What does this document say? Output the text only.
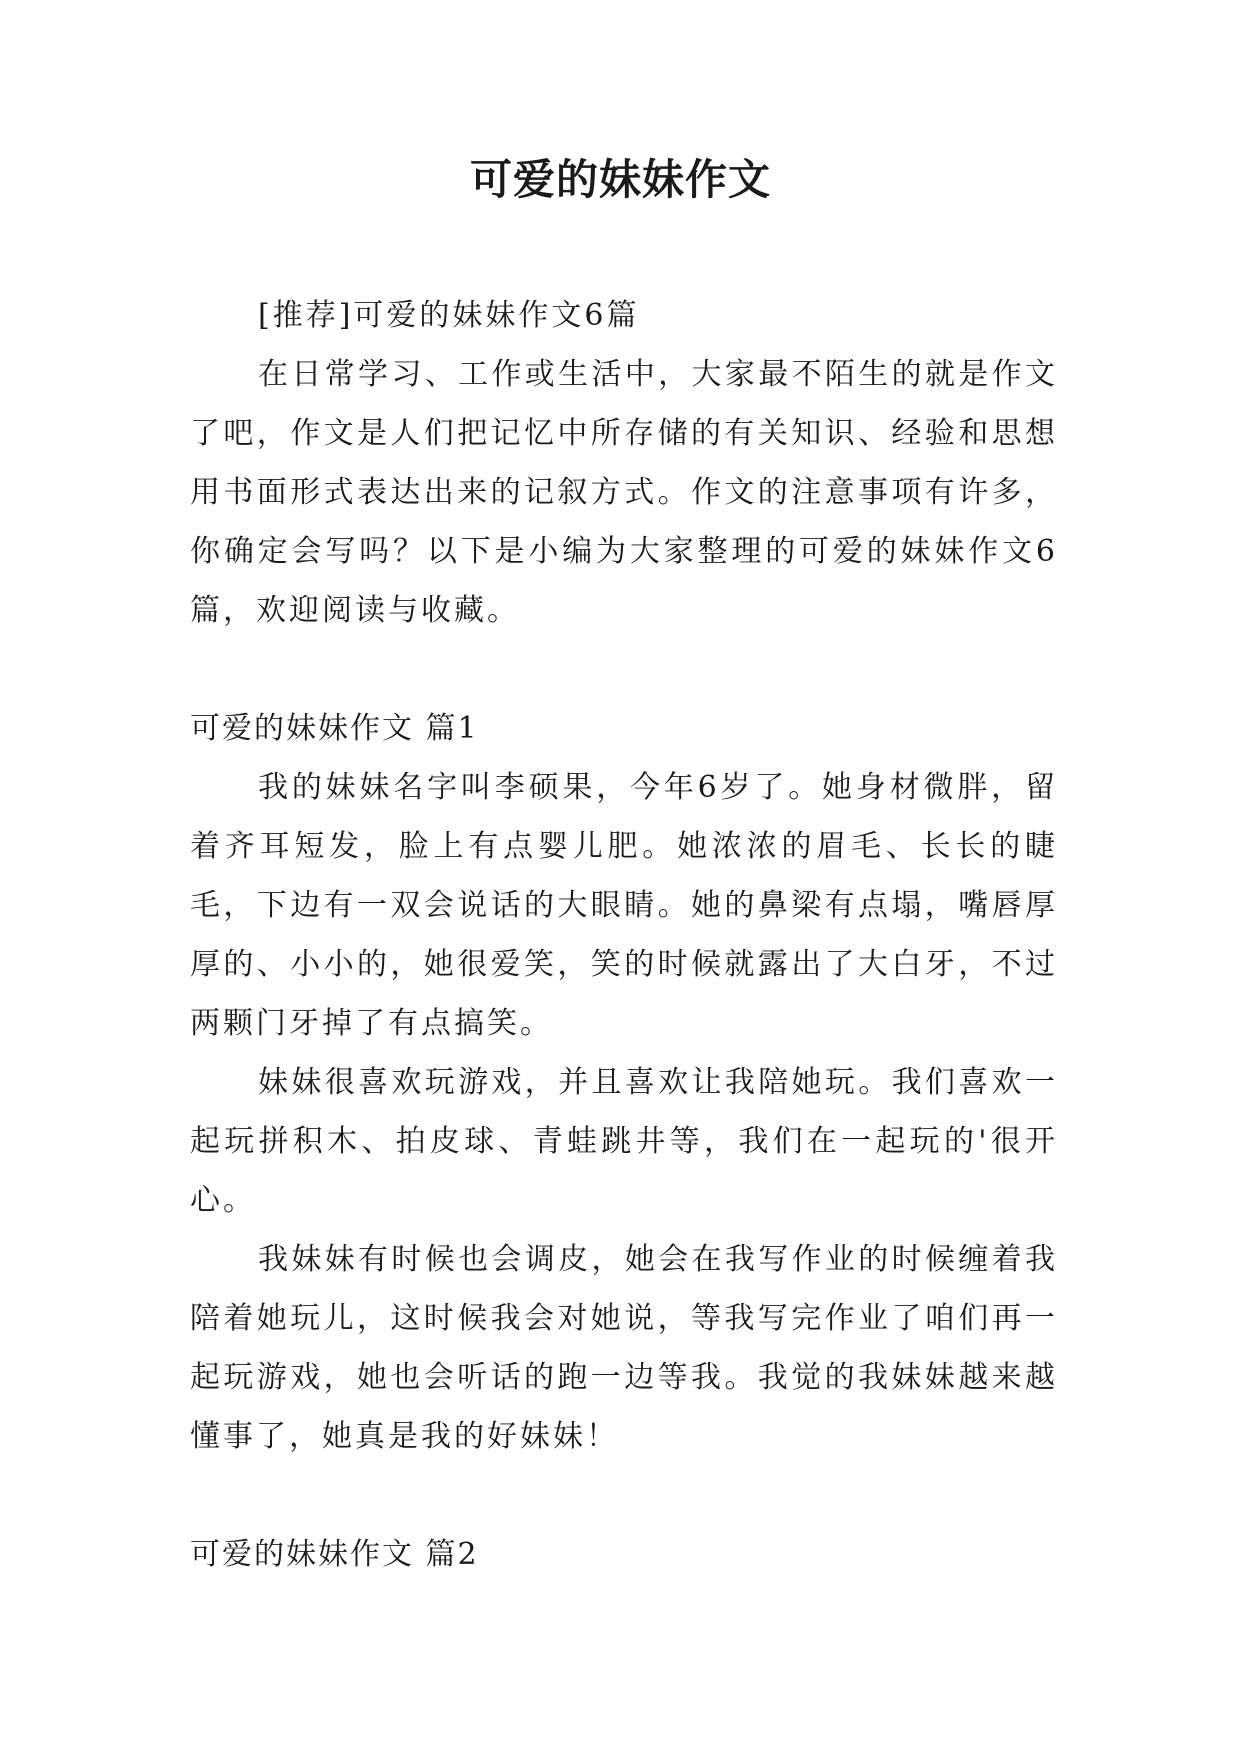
可爱的妹妹作文

[推荐]可爱的妹妹作文6篇

在日常学习、工作或生活中，大家最不陌生的就是作文了吧，作文是人们把记忆中所存储的有关知识、经验和思想用书面形式表达出来的记叙方式。作文的注意事项有许多，你确定会写吗？以下是小编为大家整理的可爱的妹妹作文6篇，欢迎阅读与收藏。

可爱的妹妹作文 篇1

我的妹妹名字叫李硕果，今年6岁了。她身材微胖，留着齐耳短发，脸上有点婴儿肥。她浓浓的眉毛、长长的睫毛，下边有一双会说话的大眼睛。她的鼻梁有点塌，嘴唇厚厚的、小小的，她很爱笑，笑的时候就露出了大白牙，不过两颗门牙掉了有点搞笑。

妹妹很喜欢玩游戏，并且喜欢让我陪她玩。我们喜欢一起玩拼积木、拍皮球、青蛙跳井等，我们在一起玩的'很开心。

我妹妹有时候也会调皮，她会在我写作业的时候缠着我陪着她玩儿，这时候我会对她说，等我写完作业了咱们再一起玩游戏，她也会听话的跑一边等我。我觉的我妹妹越来越懂事了，她真是我的好妹妹！

可爱的妹妹作文 篇2
